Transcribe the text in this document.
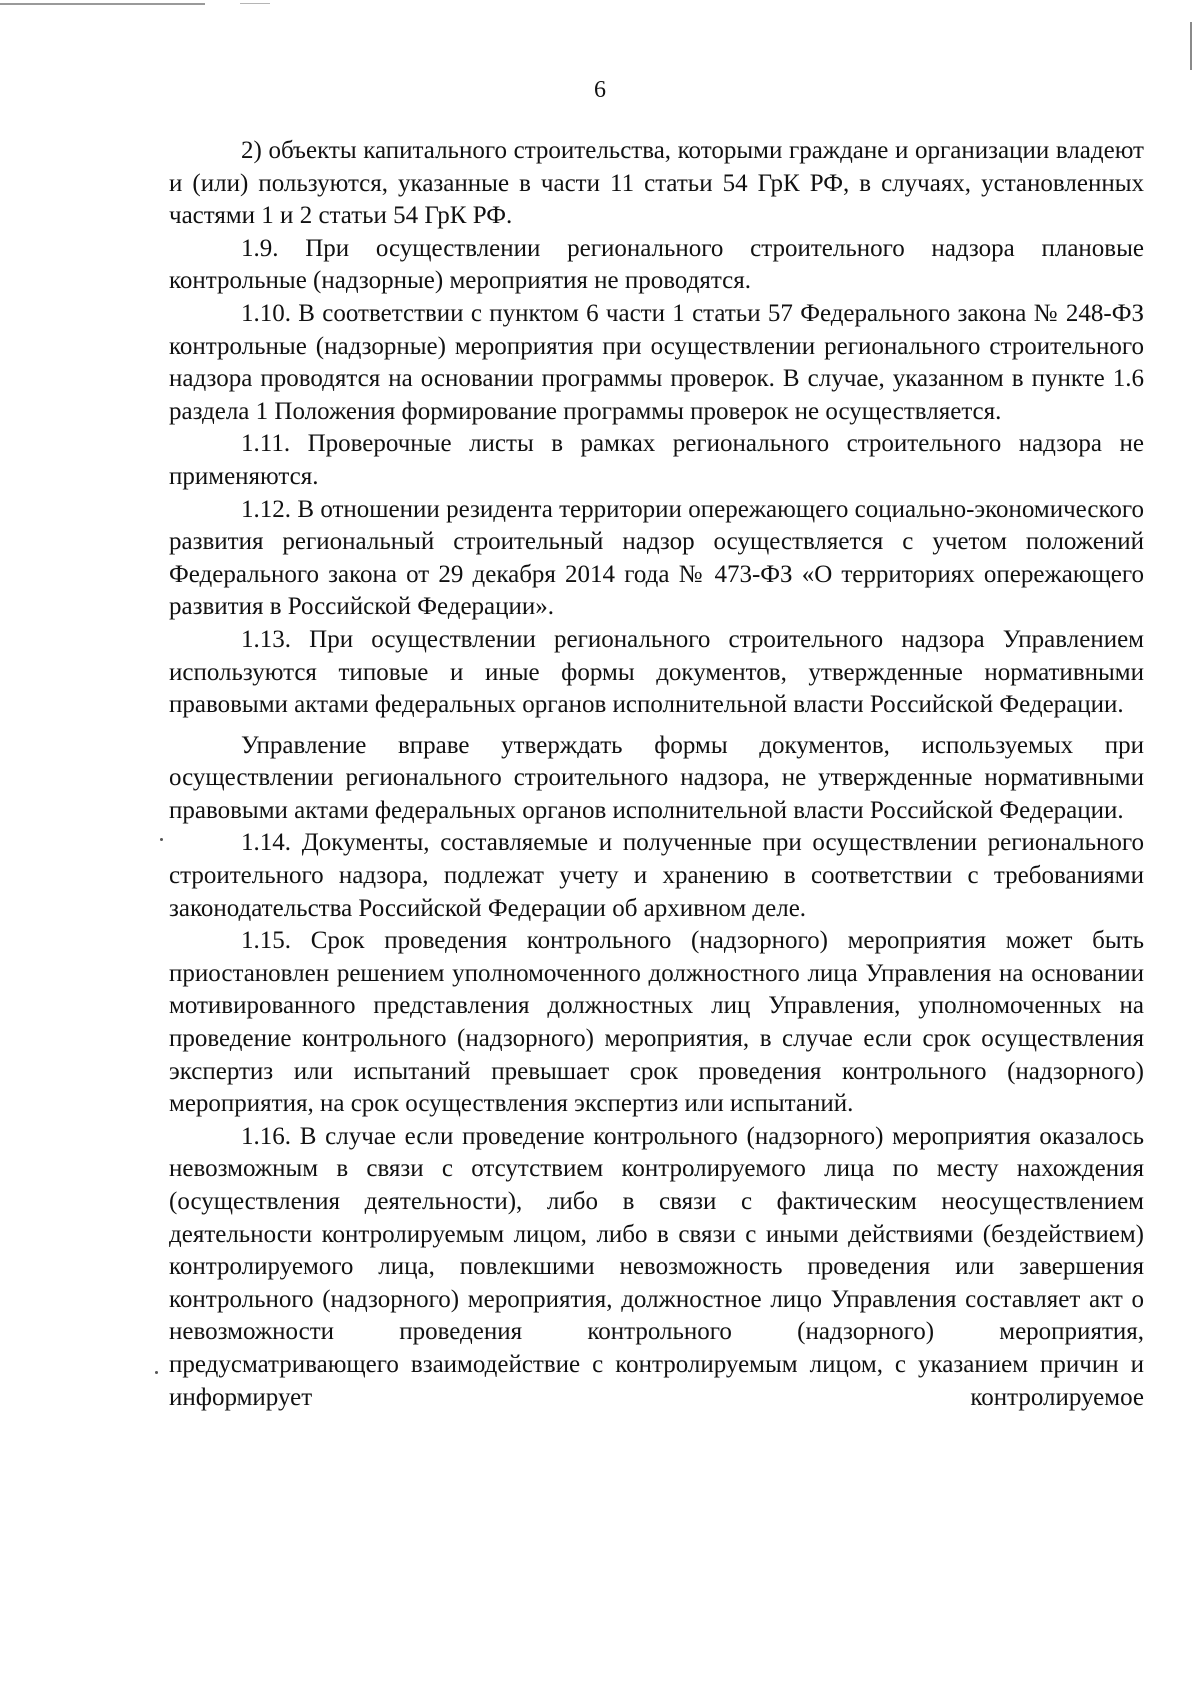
6

2) объекты капитального строительства, которыми граждане и организации владеют и (или) пользуются, указанные в части 11 статьи 54 ГрК РФ, в случаях, установленных частями 1 и 2 статьи 54 ГрК РФ.

1.9. При осуществлении регионального строительного надзора плановые контрольные (надзорные) мероприятия не проводятся.

1.10. В соответствии с пунктом 6 части 1 статьи 57 Федерального закона № 248-ФЗ контрольные (надзорные) мероприятия при осуществлении регионального строительного надзора проводятся на основании программы проверок. В случае, указанном в пункте 1.6 раздела 1 Положения формирование программы проверок не осуществляется.

1.11. Проверочные листы в рамках регионального строительного надзора не применяются.

1.12. В отношении резидента территории опережающего социально-экономического развития региональный строительный надзор осуществляется с учетом положений Федерального закона от 29 декабря 2014 года № 473-ФЗ «О территориях опережающего развития в Российской Федерации».

1.13. При осуществлении регионального строительного надзора Управлением используются типовые и иные формы документов, утвержденные нормативными правовыми актами федеральных органов исполнительной власти Российской Федерации.

Управление вправе утверждать формы документов, используемых при осуществлении регионального строительного надзора, не утвержденные нормативными правовыми актами федеральных органов исполнительной власти Российской Федерации.

1.14. Документы, составляемые и полученные при осуществлении регионального строительного надзора, подлежат учету и хранению в соответствии с требованиями законодательства Российской Федерации об архивном деле.

1.15. Срок проведения контрольного (надзорного) мероприятия может быть приостановлен решением уполномоченного должностного лица Управления на основании мотивированного представления должностных лиц Управления, уполномоченных на проведение контрольного (надзорного) мероприятия, в случае если срок осуществления экспертиз или испытаний превышает срок проведения контрольного (надзорного) мероприятия, на срок осуществления экспертиз или испытаний.

1.16. В случае если проведение контрольного (надзорного) мероприятия оказалось невозможным в связи с отсутствием контролируемого лица по месту нахождения (осуществления деятельности), либо в связи с фактическим неосуществлением деятельности контролируемым лицом, либо в связи с иными действиями (бездействием) контролируемого лица, повлекшими невозможность проведения или завершения контрольного (надзорного) мероприятия, должностное лицо Управления составляет акт о невозможности проведения контрольного (надзорного) мероприятия, предусматривающего взаимодействие с контролируемым лицом, с указанием причин и информирует контролируемое
